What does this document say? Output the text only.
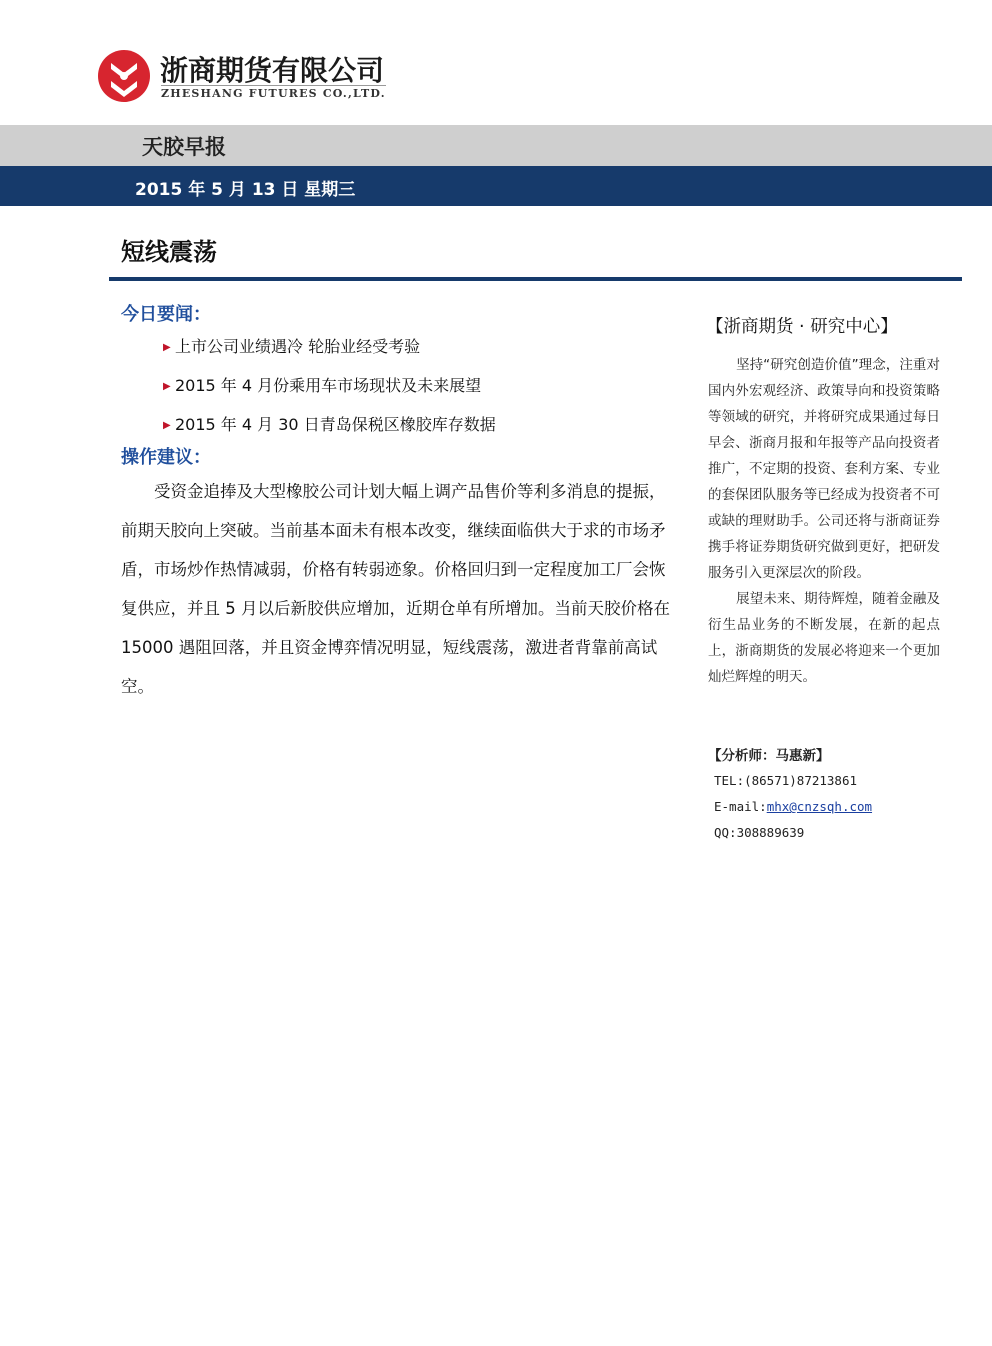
浙商期货有限公司
ZHESHANG FUTURES CO.,LTD.
天胶早报
2015 年 5 月 13 日 星期三
短线震荡
今日要闻：
▶ 上市公司业绩遇冷 轮胎业经受考验
▶ 2015 年 4 月份乘用车市场现状及未来展望
▶ 2015 年 4 月 30 日青岛保税区橡胶库存数据
操作建议：
受资金追捧及大型橡胶公司计划大幅上调产品售价等利多消息的提振，前期天胶向上突破。当前基本面未有根本改变，继续面临供大于求的市场矛盾，市场炒作热情减弱，价格有转弱迹象。价格回归到一定程度加工厂会恢复供应，并且 5 月以后新胶供应增加，近期仓单有所增加。当前天胶价格在 15000 遇阻回落，并且资金博弈情况明显，短线震荡，激进者背靠前高试空。
【浙商期货 · 研究中心】
坚持“研究创造价值”理念，注重对国内外宏观经济、政策导向和投资策略等领域的研究，并将研究成果通过每日早会、浙商月报和年报等产品向投资者推广，不定期的投资、套利方案、专业的套保团队服务等已经成为投资者不可或缺的理财助手。公司还将与浙商证券携手将证券期货研究做到更好，把研发服务引入更深层次的阶段。
展望未来、期待辉煌，随着金融及衍生品业务的不断发展，在新的起点上，浙商期货的发展必将迎来一个更加灿烂辉煌的明天。
【分析师：马惠新】
TEL:(86571)87213861
E-mail:mhx@cnzsqh.com
QQ:308889639
